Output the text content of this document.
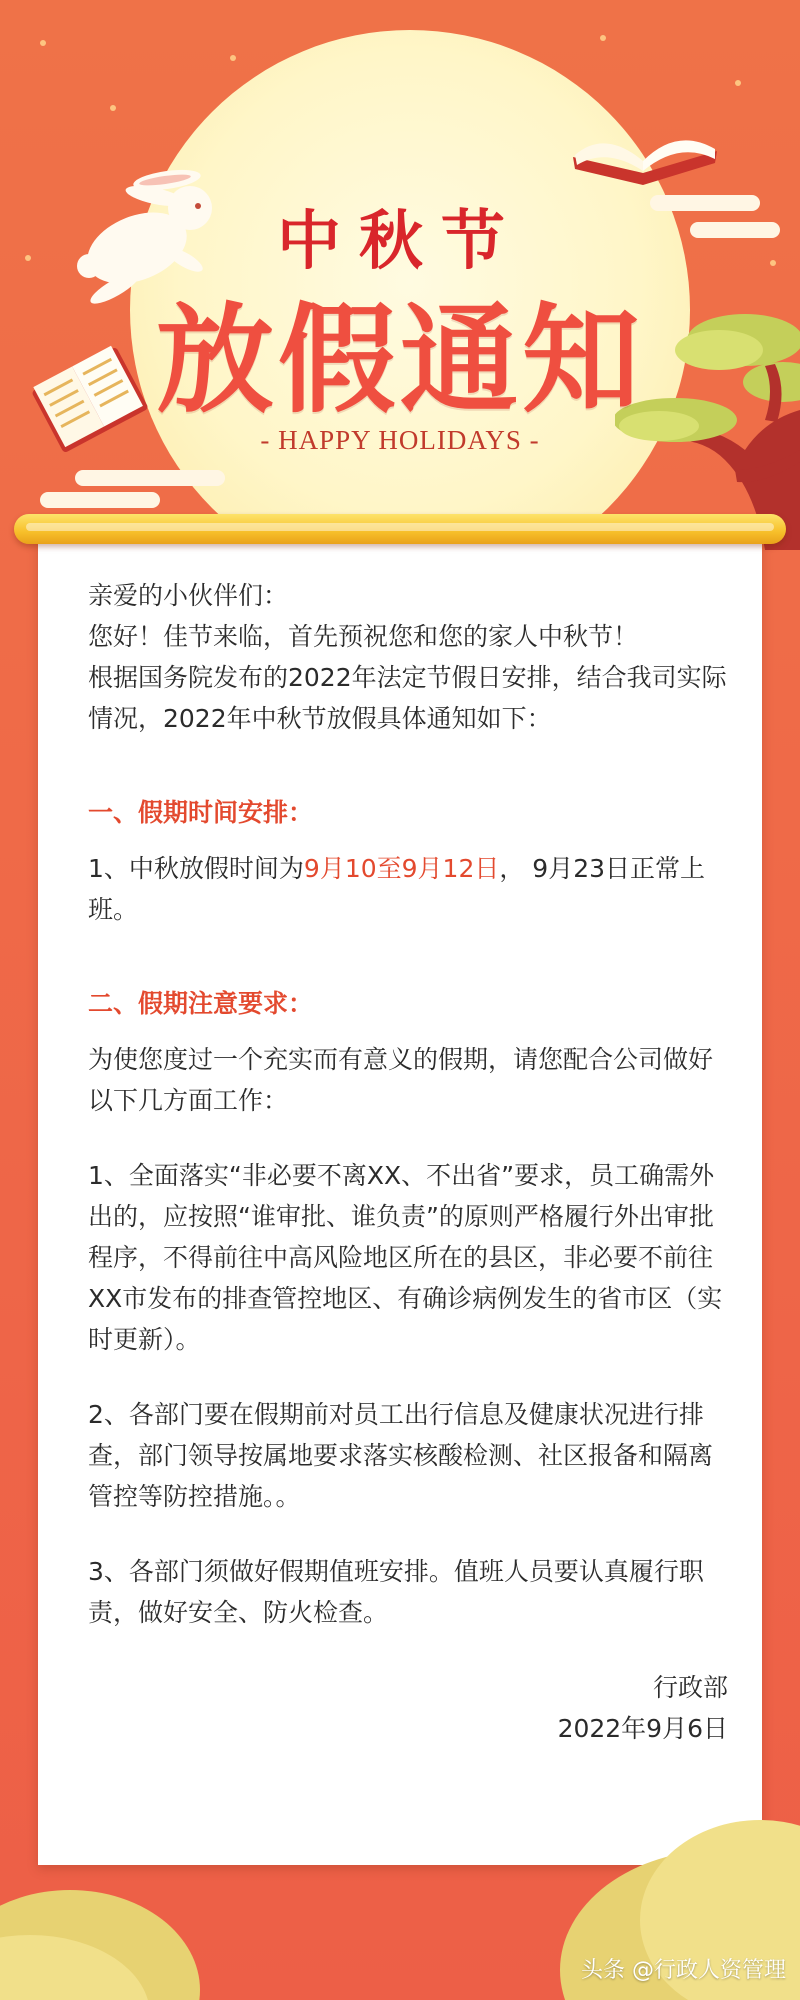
中秋节
放假通知
- HAPPY HOLIDAYS -

亲爱的小伙伴们：

您好！佳节来临，首先预祝您和您的家人中秋节！

根据国务院发布的2022年法定节假日安排，结合我司实际情况，2022年中秋节放假具体通知如下：

一、假期时间安排：

1、中秋放假时间为9月10至9月12日， 9月23日正常上班。

二、假期注意要求：

为使您度过一个充实而有意义的假期，请您配合公司做好以下几方面工作：

1、全面落实“非必要不离XX、不出省”要求，员工确需外出的，应按照“谁审批、谁负责”的原则严格履行外出审批程序，不得前往中高风险地区所在的县区，非必要不前往XX市发布的排查管控地区、有确诊病例发生的省市区（实时更新）。

2、各部门要在假期前对员工出行信息及健康状况进行排查，部门领导按属地要求落实核酸检测、社区报备和隔离管控等防控措施。。

3、各部门须做好假期值班安排。值班人员要认真履行职责，做好安全、防火检查。

行政部

2022年9月6日

头条 @行政人资管理
